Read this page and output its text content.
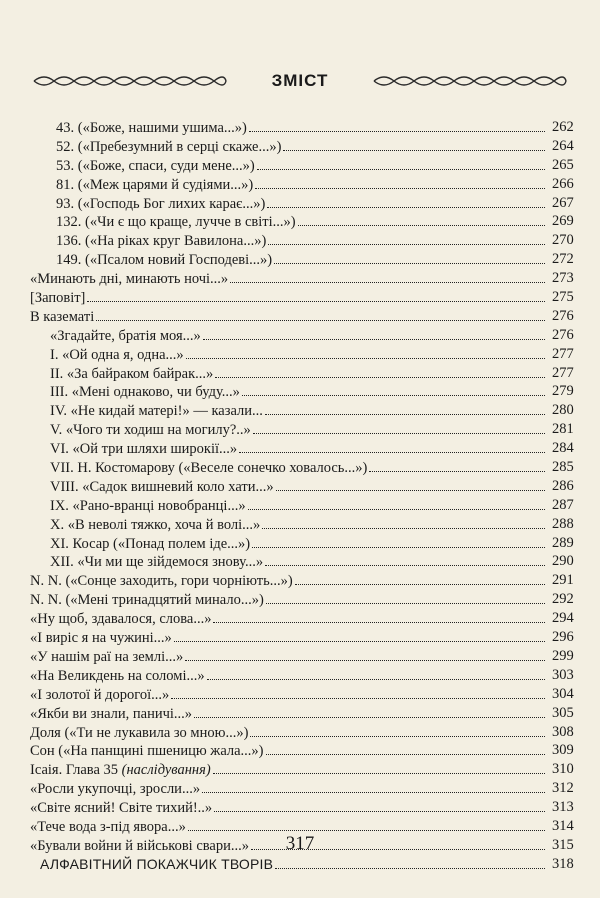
ЗМІСТ
43. («Боже, нашими ушима...»)	262
52. («Пребезумний в серці скаже...»)	264
53. («Боже, спаси, суди мене...»)	265
81. («Меж царями й судіями...»)	266
93. («Господь Бог лихих карає...»)	267
132. («Чи є що краще, лучче в світі...»)	269
136. («На ріках круг Вавилона...»)	270
149. («Псалом новий Господеві...»)	272
«Минають дні, минають ночі...»	273
[Заповіт]	275
В казематі	276
«Згадайте, братія моя...»	276
I. «Ой одна я, одна...»	277
II. «За байраком байрак...»	277
III. «Мені однаково, чи буду...»	279
IV. «Не кидай матері!» — казали...	280
V. «Чого ти ходиш на могилу?..»	281
VI. «Ой три шляхи широкії...»	284
VII. Н. Костомарову («Веселе сонечко ховалось...»)	285
VIII. «Садок вишневий коло хати...»	286
IX. «Рано-вранці новобранці...»	287
X. «В неволі тяжко, хоча й волі...»	288
XI. Косар («Понад полем іде...»)	289
XII. «Чи ми ще зійдемося знову...»	290
N. N. («Сонце заходить, гори чорніють...»)	291
N. N. («Мені тринадцятий минало...»)	292
«Ну щоб, здавалося, слова...»	294
«І виріс я на чужині...»	296
«У нашім раї на землі...»	299
«На Великдень на соломі...»	303
«І золотої й дорогої...»	304
«Якби ви знали, паничі...»	305
Доля («Ти не лукавила зо мною...»)	308
Сон («На панщині пшеницю жала...»)	309
Ісаія. Глава 35 (наслідування)	310
«Росли укупочці, зросли...»	312
«Світе ясний! Світе тихий!..»	313
«Тече вода з-під явора...»	314
«Бували войни й військові свари...»	315
АЛФАВІТНИЙ ПОКАЖЧИК ТВОРІВ	318
317
